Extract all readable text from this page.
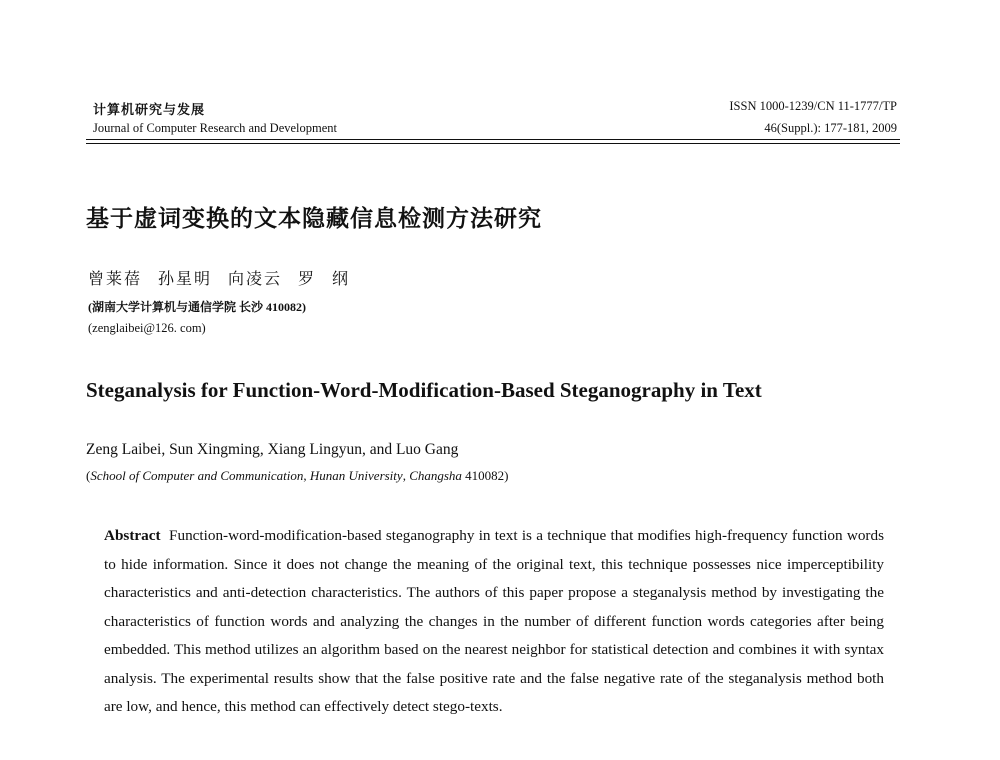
计算机研究与发展
Journal of Computer Research and Development
ISSN 1000-1239/CN 11-1777/TP
46(Suppl.): 177-181, 2009
基于虚词变换的文本隐藏信息检测方法研究
曾莱蓓 孙星明 向凌云 罗 纲
(湖南大学计算机与通信学院 长沙 410082)
(zenglaibei@126. com)
Steganalysis for Function-Word-Modification-Based Steganography in Text
Zeng Laibei, Sun Xingming, Xiang Lingyun, and Luo Gang
(School of Computer and Communication, Hunan University, Changsha 410082)
Abstract Function-word-modification-based steganography in text is a technique that modifies high-frequency function words to hide information. Since it does not change the meaning of the original text, this technique possesses nice imperceptibility characteristics and anti-detection characteristics. The authors of this paper propose a steganalysis method by investigating the characteristics of function words and analyzing the changes in the number of different function words categories after being embedded. This method utilizes an algorithm based on the nearest neighbor for statistical detection and combines it with syntax analysis. The experimental results show that the false positive rate and the false negative rate of the steganalysis method both are low, and hence, this method can effectively detect stego-texts.
